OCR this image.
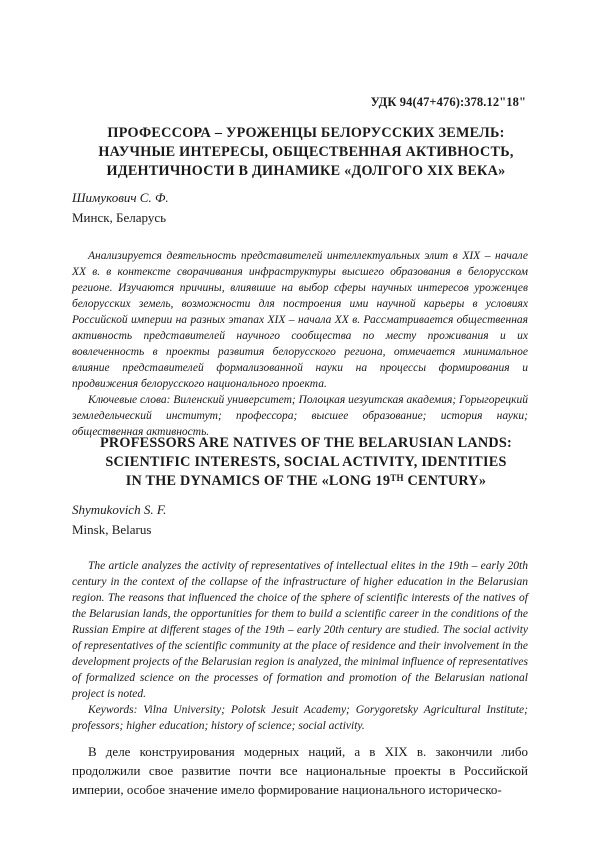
УДК 94(47+476):378.12"18"
ПРОФЕССОРА – УРОЖЕНЦЫ БЕЛОРУССКИХ ЗЕМЕЛЬ:
НАУЧНЫЕ ИНТЕРЕСЫ, ОБЩЕСТВЕННАЯ АКТИВНОСТЬ,
ИДЕНТИЧНОСТИ В ДИНАМИКЕ «ДОЛГОГО XIX ВЕКА»
Шимукович С. Ф.
Минск, Беларусь

Анализируется деятельность представителей интеллектуальных элит в XIX – начале XX в. в контексте сворачивания инфраструктуры высшего образования в белорусском регионе. Изучаются причины, влиявшие на выбор сферы научных интересов уроженцев белорусских земель, возможности для построения ими научной карьеры в условиях Российской империи на разных этапах XIX – начала XX в. Рассматривается общественная активность представителей научного сообщества по месту проживания и их вовлеченность в проекты развития белорусского региона, отмечается минимальное влияние представителей формализованной науки на процессы формирования и продвижения белорусского национального проекта.

Ключевые слова: Виленский университет; Полоцкая иезуитская академия; Горыгорецкий земледельческий институт; профессора; высшее образование; история науки; общественная активность.

PROFESSORS ARE NATIVES OF THE BELARUSIAN LANDS:
SCIENTIFIC INTERESTS, SOCIAL ACTIVITY, IDENTITIES
IN THE DYNAMICS OF THE «LONG 19TH CENTURY»
Shymukovich S. F.
Minsk, Belarus

The article analyzes the activity of representatives of intellectual elites in the 19th – early 20th century in the context of the collapse of the infrastructure of higher education in the Belarusian region. The reasons that influenced the choice of the sphere of scientific interests of the natives of the Belarusian lands, the opportunities for them to build a scientific career in the conditions of the Russian Empire at different stages of the 19th – early 20th century are studied. The social activity of representatives of the scientific community at the place of residence and their involvement in the development projects of the Belarusian region is analyzed, the minimal influence of representatives of formalized science on the processes of formation and promotion of the Belarusian national project is noted.

Keywords: Vilna University; Polotsk Jesuit Academy; Gorygoretsky Agricultural Institute; professors; higher education; history of science; social activity.

В деле конструирования модерных наций, а в XIX в. закончили либо продолжили свое развитие почти все национальные проекты в Российской империи, особое значение имело формирование национального историческо-
